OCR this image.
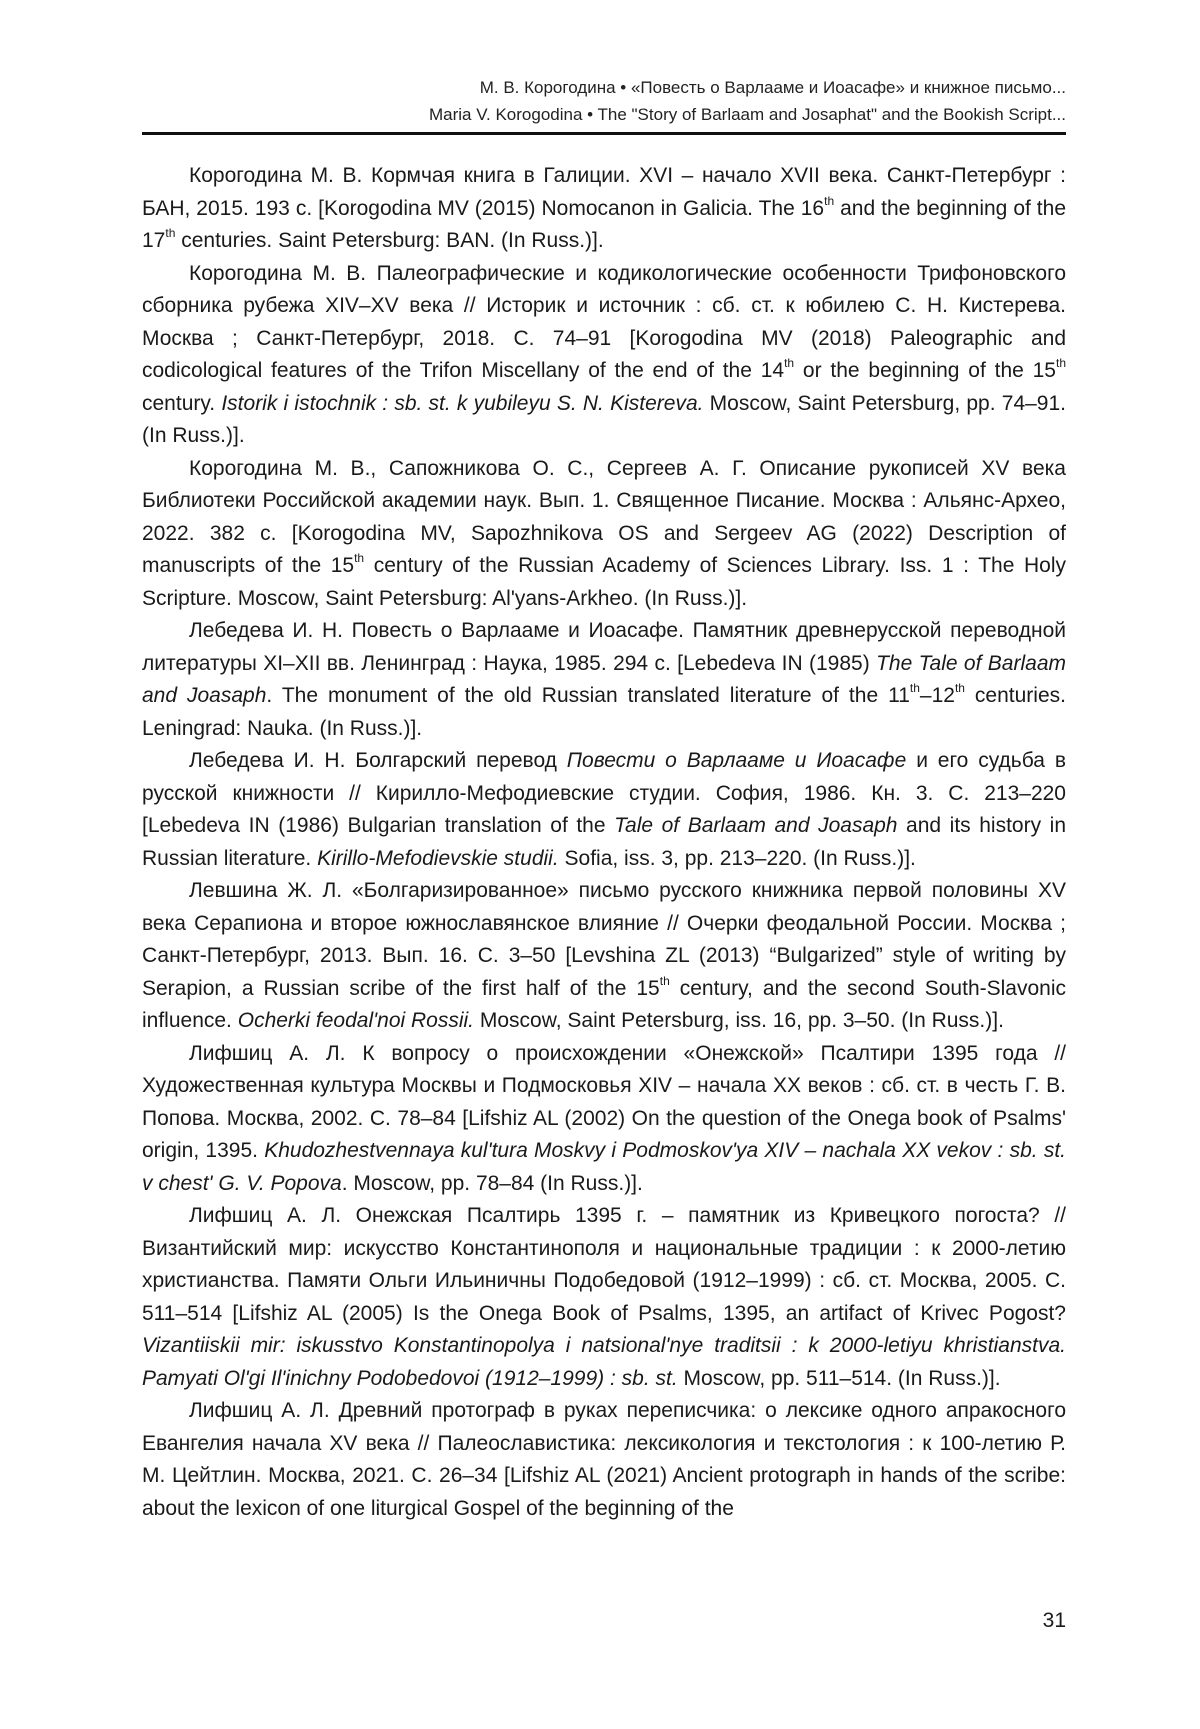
М. В. Корогодина • «Повесть о Варлааме и Иоасафе» и книжное письмо...
Maria V. Korogodina • The "Story of Barlaam and Josaphat" and the Bookish Script...

Корогодина М. В. Кормчая книга в Галиции. XVI – начало XVII века. Санкт-Петербург : БАН, 2015. 193 с. [Korogodina MV (2015) Nomocanon in Galicia. The 16th and the beginning of the 17th centuries. Saint Petersburg: BAN. (In Russ.)].

Корогодина М. В. Палеографические и кодикологические особенности Трифоновского сборника рубежа XIV–XV века // Историк и источник : сб. ст. к юбилею С. Н. Кистерева. Москва ; Санкт-Петербург, 2018. С. 74–91 [Korogodina MV (2018) Paleographic and codicological features of the Trifon Miscellany of the end of the 14th or the beginning of the 15th century. Istorik i istochnik : sb. st. k yubileyu S. N. Kistereva. Moscow, Saint Petersburg, pp. 74–91. (In Russ.)].

Корогодина М. В., Сапожникова О. С., Сергеев А. Г. Описание рукописей XV века Библиотеки Российской академии наук. Вып. 1. Священное Писание. Москва : Альянс-Архео, 2022. 382 с. [Korogodina MV, Sapozhnikova OS and Sergeev AG (2022) Description of manuscripts of the 15th century of the Russian Academy of Sciences Library. Iss. 1 : The Holy Scripture. Moscow, Saint Petersburg: Al'yans-Arkheo. (In Russ.)].

Лебедева И. Н. Повесть о Варлааме и Иоасафе. Памятник древнерусской переводной литературы XI–XII вв. Ленинград : Наука, 1985. 294 с. [Lebedeva IN (1985) The Tale of Barlaam and Joasaph. The monument of the old Russian translated literature of the 11th–12th centuries. Leningrad: Nauka. (In Russ.)].

Лебедева И. Н. Болгарский перевод Повести о Варлааме и Иоасафе и его судьба в русской книжности // Кирилло-Мефодиевские студии. София, 1986. Кн. 3. С. 213–220 [Lebedeva IN (1986) Bulgarian translation of the Tale of Barlaam and Joasaph and its history in Russian literature. Kirillo-Mefodievskie studii. Sofia, iss. 3, pp. 213–220. (In Russ.)].

Левшина Ж. Л. «Болгаризированное» письмо русского книжника первой половины XV века Серапиона и второе южнославянское влияние // Очерки феодальной России. Москва ; Санкт-Петербург, 2013. Вып. 16. С. 3–50 [Levshina ZL (2013) “Bulgarized” style of writing by Serapion, a Russian scribe of the first half of the 15th century, and the second South-Slavonic influence. Ocherki feodal'noi Rossii. Moscow, Saint Petersburg, iss. 16, pp. 3–50. (In Russ.)].

Лифшиц А. Л. К вопросу о происхождении «Онежской» Псалтири 1395 года // Художественная культура Москвы и Подмосковья XIV – начала XX веков : сб. ст. в честь Г. В. Попова. Москва, 2002. С. 78–84 [Lifshiz AL (2002) On the question of the Onega book of Psalms' origin, 1395. Khudozhestvennaya kul'tura Moskvy i Podmoskov'ya XIV – nachala XX vekov : sb. st. v chest' G. V. Popova. Moscow, pp. 78–84 (In Russ.)].

Лифшиц А. Л. Онежская Псалтирь 1395 г. – памятник из Кривецкого погоста? // Византийский мир: искусство Константинополя и национальные традиции : к 2000-летию христианства. Памяти Ольги Ильиничны Подобедовой (1912–1999) : сб. ст. Москва, 2005. С. 511–514 [Lifshiz AL (2005) Is the Onega Book of Psalms, 1395, an artifact of Krivec Pogost? Vizantiiskii mir: iskusstvo Konstantinopolya i natsional'nye traditsii : k 2000-letiyu khristianstva. Pamyati Ol'gi Il'inichny Podobedovoi (1912–1999) : sb. st. Moscow, pp. 511–514. (In Russ.)].

Лифшиц А. Л. Древний протограф в руках переписчика: о лексике одного апракосного Евангелия начала XV века // Палеославистика: лексикология и текстология : к 100-летию Р. М. Цейтлин. Москва, 2021. С. 26–34 [Lifshiz AL (2021) Ancient protograph in hands of the scribe: about the lexicon of one liturgical Gospel of the beginning of the

31
